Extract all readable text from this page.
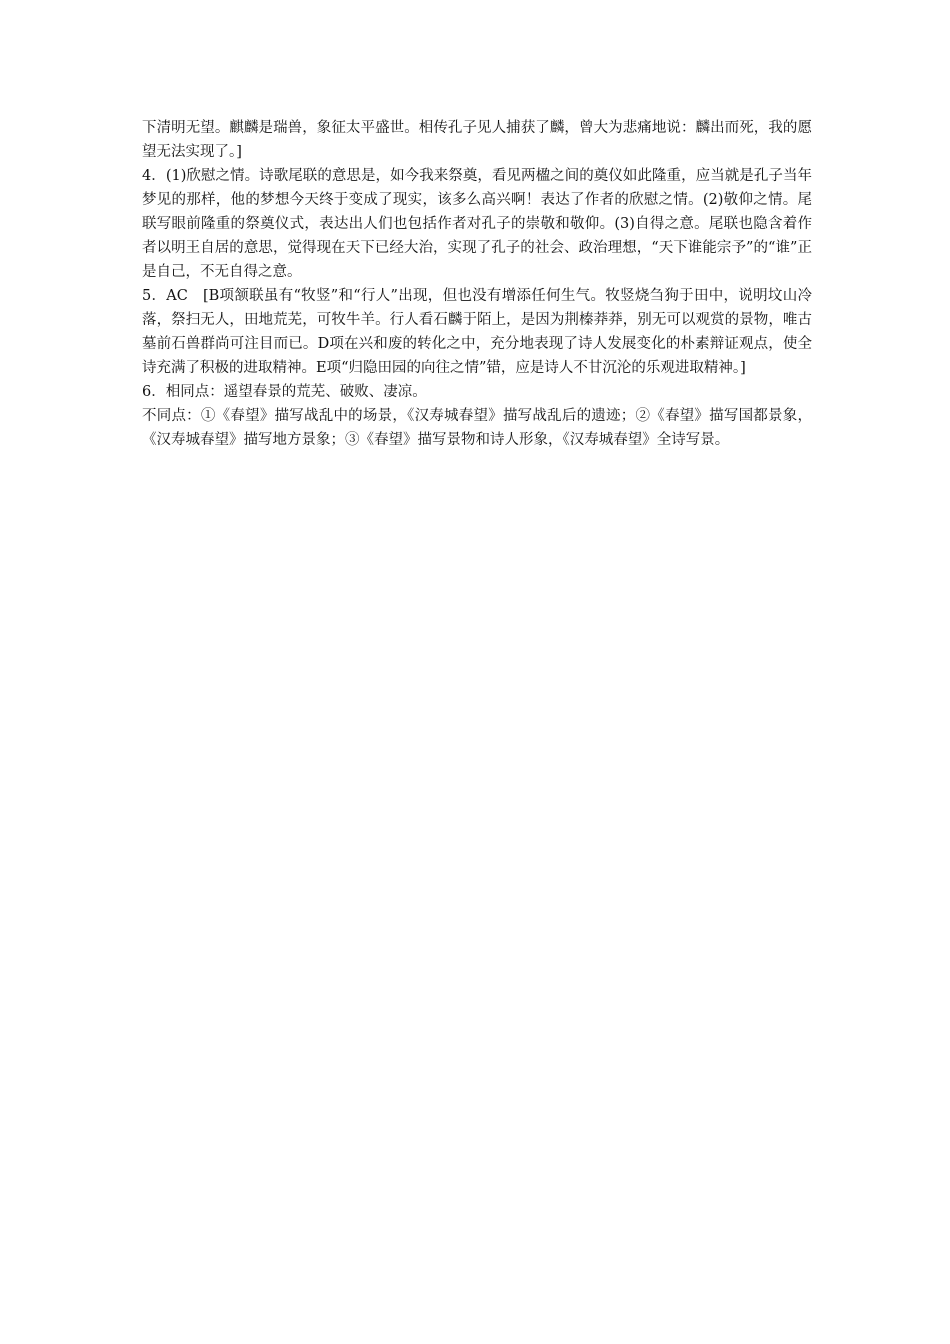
下清明无望。麒麟是瑞兽，象征太平盛世。相传孔子见人捕获了麟，曾大为悲痛地说：麟出而死，我的愿望无法实现了。]

4．(1)欣慰之情。诗歌尾联的意思是，如今我来祭奠，看见两楹之间的奠仪如此隆重，应当就是孔子当年梦见的那样，他的梦想今天终于变成了现实，该多么高兴啊！表达了作者的欣慰之情。(2)敬仰之情。尾联写眼前隆重的祭奠仪式，表达出人们也包括作者对孔子的崇敬和敬仰。(3)自得之意。尾联也隐含着作者以明王自居的意思，觉得现在天下已经大治，实现了孔子的社会、政治理想，“天下谁能宗予”的“谁”正是自己，不无自得之意。

5．AC　[B项颔联虽有“牧竖”和“行人”出现，但也没有增添任何生气。牧竖烧刍狗于田中，说明坟山冷落，祭扫无人，田地荒芜，可牧牛羊。行人看石麟于陌上，是因为荆榛莽莽，别无可以观赏的景物，唯古墓前石兽群尚可注目而已。D项在兴和废的转化之中，充分地表现了诗人发展变化的朴素辩证观点，使全诗充满了积极的进取精神。E项“归隐田园的向往之情”错，应是诗人不甘沉沦的乐观进取精神。]

6．相同点：遥望春景的荒芜、破败、凄凉。

不同点：①《春望》描写战乱中的场景，《汉寿城春望》描写战乱后的遗迹；②《春望》描写国都景象，《汉寿城春望》描写地方景象；③《春望》描写景物和诗人形象，《汉寿城春望》全诗写景。
